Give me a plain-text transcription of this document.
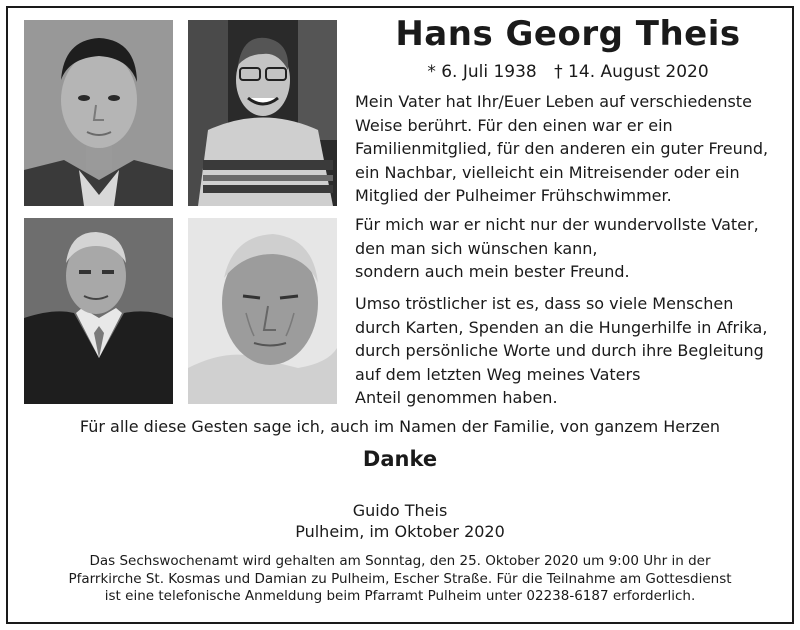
Hans Georg Theis
* 6. Juli 1938 † 14. August 2020
Mein Vater hat Ihr/Euer Leben auf verschiedenste
Weise berührt. Für den einen war er ein
Familienmitglied, für den anderen ein guter Freund,
ein Nachbar, vielleicht ein Mitreisender oder ein
Mitglied der Pulheimer Frühschwimmer.
Für mich war er nicht nur der wundervollste Vater,
den man sich wünschen kann,
sondern auch mein bester Freund.
Umso tröstlicher ist es, dass so viele Menschen
durch Karten, Spenden an die Hungerhilfe in Afrika,
durch persönliche Worte und durch ihre Begleitung
auf dem letzten Weg meines Vaters
Anteil genommen haben.
Für alle diese Gesten sage ich, auch im Namen der Familie, von ganzem Herzen
Danke
Guido Theis
Pulheim, im Oktober 2020
Das Sechswochenamt wird gehalten am Sonntag, den 25. Oktober 2020 um 9:00 Uhr in der
Pfarrkirche St. Kosmas und Damian zu Pulheim, Escher Straße. Für die Teilnahme am Gottesdienst
ist eine telefonische Anmeldung beim Pfarramt Pulheim unter 02238-6187 erforderlich.
